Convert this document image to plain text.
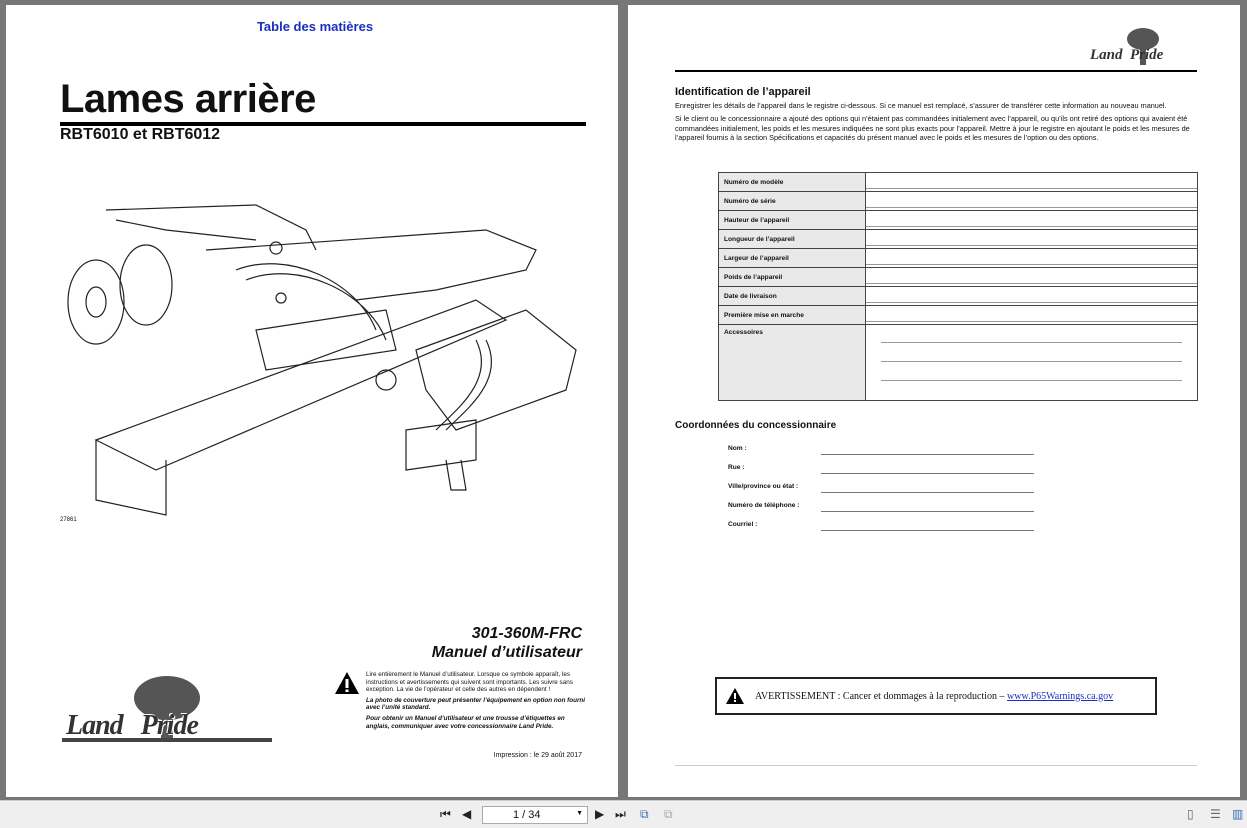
Table des matières
Lames arrière
RBT6010 et RBT6012
27861
301-360M-FRC
Manuel d’utilisateur

Lire entièrement le Manuel d’utilisateur. Lorsque ce symbole apparaît, les instructions et avertissements qui suivent sont importants. Les suivre sans exception. La vie de l’opérateur et celle des autres en dépendent !

La photo de couverture peut présenter l’équipement en option non fourni avec l’unité standard.

Pour obtenir un Manuel d’utilisateur et une trousse d’étiquettes en anglais, communiquer avec votre concessionnaire Land Pride.

Impression : le 29 août 2017
Land   Pride
Land  Pride
Identification de l’appareil

Enregistrer les détails de l’appareil dans le registre ci-dessous. Si ce manuel est remplacé, s’assurer de transférer cette information au nouveau manuel.

Si le client ou le concessionnaire a ajouté des options qui n’étaient pas commandées initialement avec l’appareil, ou qu’ils ont retiré des options qui avaient été commandées initialement, les poids et les mesures indiquées ne sont plus exacts pour l’appareil. Mettre à jour le registre en ajoutant le poids et les mesures de l’appareil fournis à la section Spécifications et capacités du présent manuel avec le poids et les mesures de l’option ou des options.

Numéro de modèle	

Numéro de série	

Hauteur de l’appareil	

Longueur de l’appareil	

Largeur de l’appareil	

Poids de l’appareil	

Date de livraison	

Première mise en marche	

Accessoires	
Coordonnées du concessionnaire
Nom :
Rue :
Ville/province ou état :
Numéro de téléphone :
Courriel :
AVERTISSEMENT : Cancer et dommages à la reproduction – www.P65Warnings.ca.gov
⏮ ◀	1 / 34	▼ ▶ ⏭ ⧉ ⧉	▯ ☰ ▥
